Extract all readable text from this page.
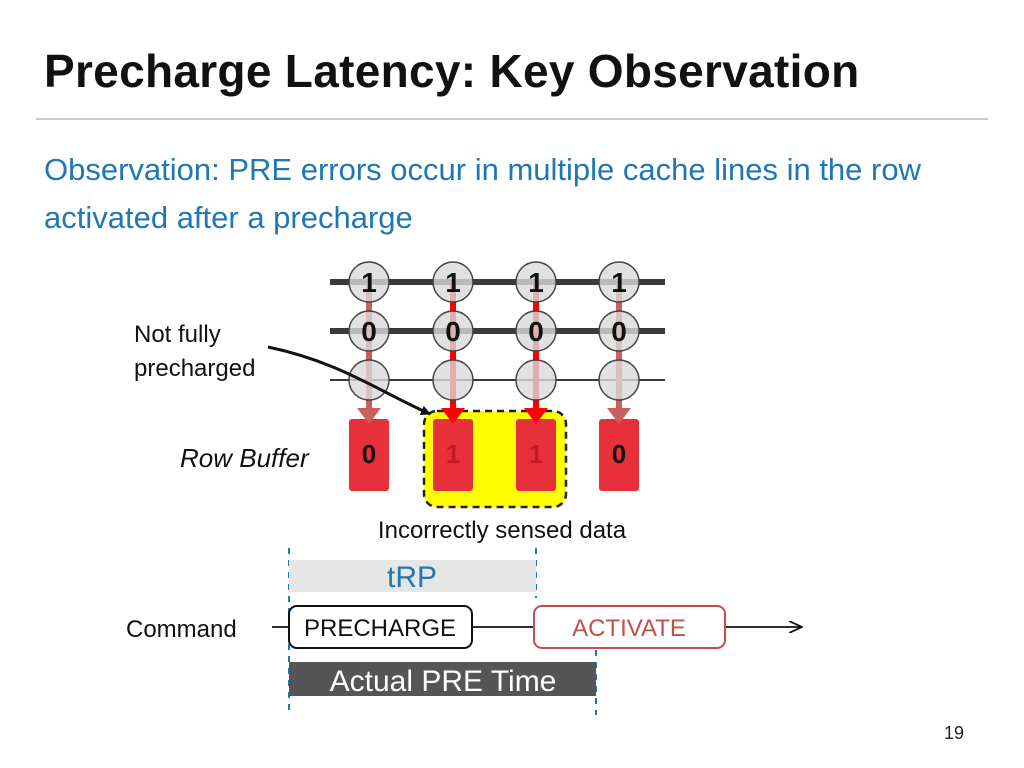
Precharge Latency: Key Observation
Observation: PRE errors occur in multiple cache lines in the row activated after a precharge
1 1 1 1
0 0 0 0
0	1	1	0
tRP
PRECHARGE	ACTIVATE
Actual PRE Time
Not fully precharged
Row Buffer
Incorrectly sensed data
Command
19
